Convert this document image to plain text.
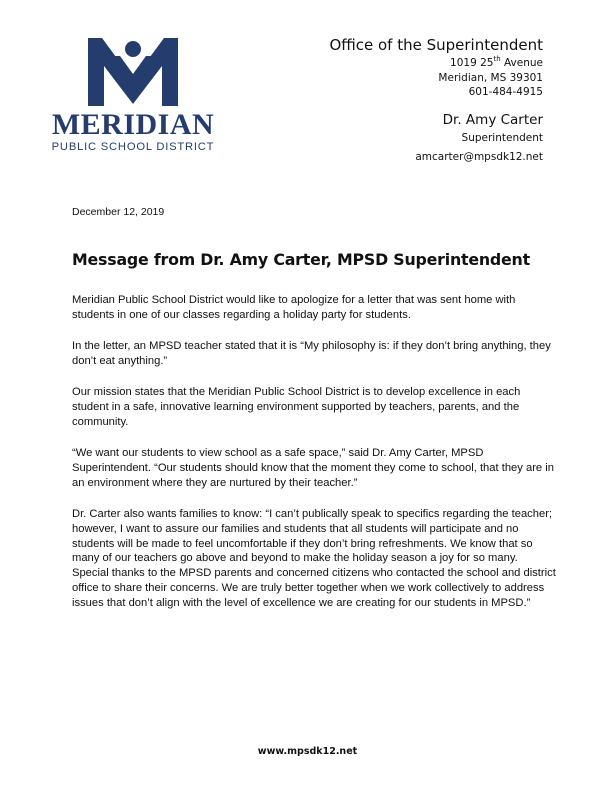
MERIDIAN
PUBLIC SCHOOL DISTRICT
Office of the Superintendent
1019 25th Avenue
Meridian, MS 39301
601-484-4915
Dr. Amy Carter
Superintendent
amcarter@mpsdk12.net
December 12, 2019
Message from Dr. Amy Carter, MPSD Superintendent

Meridian Public School District would like to apologize for a letter that was sent home with students in one of our classes regarding a holiday party for students.

In the letter, an MPSD teacher stated that it is “My philosophy is: if they don’t bring anything, they don’t eat anything.”

Our mission states that the Meridian Public School District is to develop excellence in each student in a safe, innovative learning environment supported by teachers, parents, and the community.

“We want our students to view school as a safe space,” said Dr. Amy Carter, MPSD Superintendent. “Our students should know that the moment they come to school, that they are in an environment where they are nurtured by their teacher.”

Dr. Carter also wants families to know: “I can’t publically speak to specifics regarding the teacher; however, I want to assure our families and students that all students will participate and no students will be made to feel uncomfortable if they don’t bring refreshments. We know that so many of our teachers go above and beyond to make the holiday season a joy for so many. Special thanks to the MPSD parents and concerned citizens who contacted the school and district office to share their concerns. We are truly better together when we work collectively to address issues that don’t align with the level of excellence we are creating for our students in MPSD.”

www.mpsdk12.net
